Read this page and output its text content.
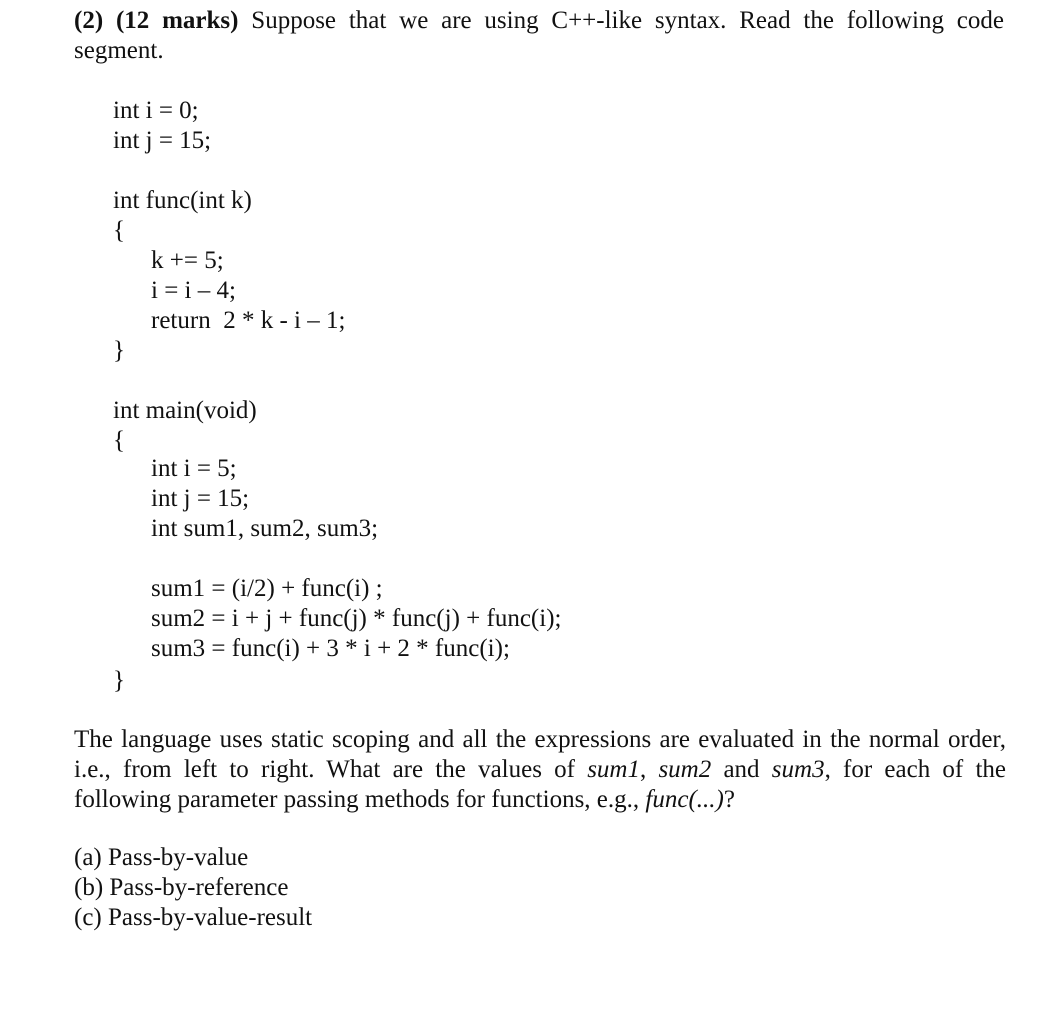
(2) (12 marks) Suppose that we are using C++-like syntax. Read the following code segment.
int i = 0;
int j = 15;
int func(int k)
{
k += 5;
i = i – 4;
return  2 * k - i – 1;
}
int main(void)
{
int i = 5;
int j = 15;
int sum1, sum2, sum3;
sum1 = (i/2) + func(i) ;
sum2 = i + j + func(j) * func(j) + func(i);
sum3 = func(i) + 3 * i + 2 * func(i);
}
The language uses static scoping and all the expressions are evaluated in the normal order, i.e., from left to right. What are the values of sum1, sum2 and sum3, for each of the following parameter passing methods for functions, e.g., func(...)?
(a) Pass-by-value
(b) Pass-by-reference
(c) Pass-by-value-result
